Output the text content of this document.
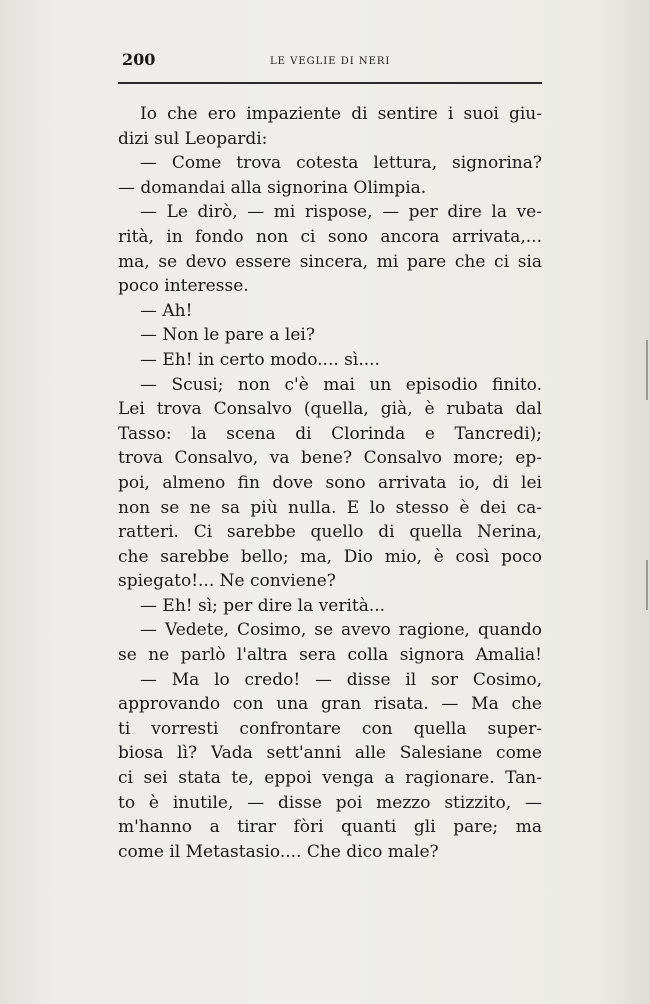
200	LE VEGLIE DI NERI
Io che ero impaziente di sentire i suoi giu-
dizi sul Leopardi:
— Come trova cotesta lettura, signorina?
— domandai alla signorina Olimpia.
— Le dirò, — mi rispose, — per dire la ve-
rità, in fondo non ci sono ancora arrivata,...
ma, se devo essere sincera, mi pare che ci sia
poco interesse.
— Ah!
— Non le pare a lei?
— Eh! in certo modo.... sì....
— Scusi; non c'è mai un episodio finito.
Lei trova Consalvo (quella, già, è rubata dal
Tasso: la scena di Clorinda e Tancredi);
trova Consalvo, va bene? Consalvo more; ep-
poi, almeno fin dove sono arrivata io, di lei
non se ne sa più nulla. E lo stesso è dei ca-
ratteri. Ci sarebbe quello di quella Nerina,
che sarebbe bello; ma, Dio mio, è così poco
spiegato!... Ne conviene?
— Eh! sì; per dire la verità...
— Vedete, Cosimo, se avevo ragione, quando
se ne parlò l'altra sera colla signora Amalia!
— Ma lo credo! — disse il sor Cosimo,
approvando con una gran risata. — Ma che
ti vorresti confrontare con quella super-
biosa lì? Vada sett'anni alle Salesiane come
ci sei stata te, eppoi venga a ragionare. Tan-
to è inutile, — disse poi mezzo stizzito, —
m'hanno a tirar fòri quanti gli pare; ma
come il Metastasio.... Che dico male?
